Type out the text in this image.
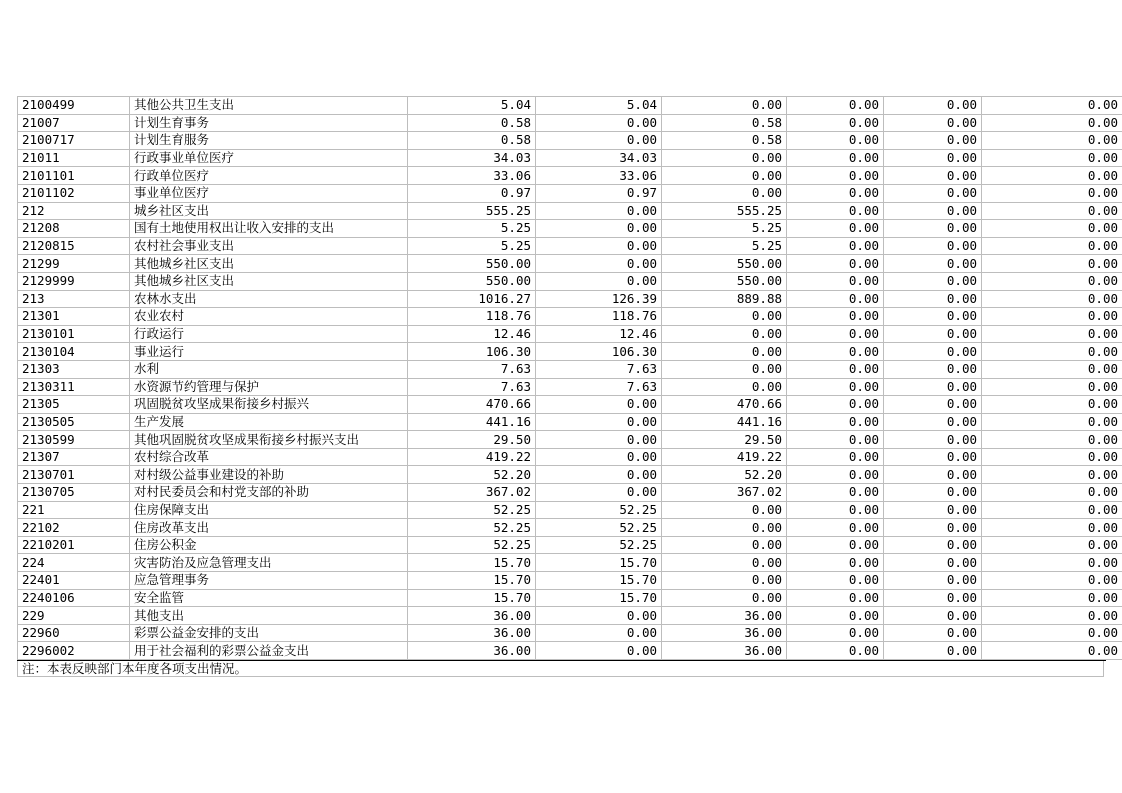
2100499	其他公共卫生支出	5.04	5.04	0.00	0.00	0.00	0.00
21007	计划生育事务	0.58	0.00	0.58	0.00	0.00	0.00
2100717	计划生育服务	0.58	0.00	0.58	0.00	0.00	0.00
21011	行政事业单位医疗	34.03	34.03	0.00	0.00	0.00	0.00
2101101	行政单位医疗	33.06	33.06	0.00	0.00	0.00	0.00
2101102	事业单位医疗	0.97	0.97	0.00	0.00	0.00	0.00
212	城乡社区支出	555.25	0.00	555.25	0.00	0.00	0.00
21208	国有土地使用权出让收入安排的支出	5.25	0.00	5.25	0.00	0.00	0.00
2120815	农村社会事业支出	5.25	0.00	5.25	0.00	0.00	0.00
21299	其他城乡社区支出	550.00	0.00	550.00	0.00	0.00	0.00
2129999	其他城乡社区支出	550.00	0.00	550.00	0.00	0.00	0.00
213	农林水支出	1016.27	126.39	889.88	0.00	0.00	0.00
21301	农业农村	118.76	118.76	0.00	0.00	0.00	0.00
2130101	行政运行	12.46	12.46	0.00	0.00	0.00	0.00
2130104	事业运行	106.30	106.30	0.00	0.00	0.00	0.00
21303	水利	7.63	7.63	0.00	0.00	0.00	0.00
2130311	水资源节约管理与保护	7.63	7.63	0.00	0.00	0.00	0.00
21305	巩固脱贫攻坚成果衔接乡村振兴	470.66	0.00	470.66	0.00	0.00	0.00
2130505	生产发展	441.16	0.00	441.16	0.00	0.00	0.00
2130599	其他巩固脱贫攻坚成果衔接乡村振兴支出	29.50	0.00	29.50	0.00	0.00	0.00
21307	农村综合改革	419.22	0.00	419.22	0.00	0.00	0.00
2130701	对村级公益事业建设的补助	52.20	0.00	52.20	0.00	0.00	0.00
2130705	对村民委员会和村党支部的补助	367.02	0.00	367.02	0.00	0.00	0.00
221	住房保障支出	52.25	52.25	0.00	0.00	0.00	0.00
22102	住房改革支出	52.25	52.25	0.00	0.00	0.00	0.00
2210201	住房公积金	52.25	52.25	0.00	0.00	0.00	0.00
224	灾害防治及应急管理支出	15.70	15.70	0.00	0.00	0.00	0.00
22401	应急管理事务	15.70	15.70	0.00	0.00	0.00	0.00
2240106	安全监管	15.70	15.70	0.00	0.00	0.00	0.00
229	其他支出	36.00	0.00	36.00	0.00	0.00	0.00
22960	彩票公益金安排的支出	36.00	0.00	36.00	0.00	0.00	0.00
2296002	用于社会福利的彩票公益金支出	36.00	0.00	36.00	0.00	0.00	0.00
注：本表反映部门本年度各项支出情况。
